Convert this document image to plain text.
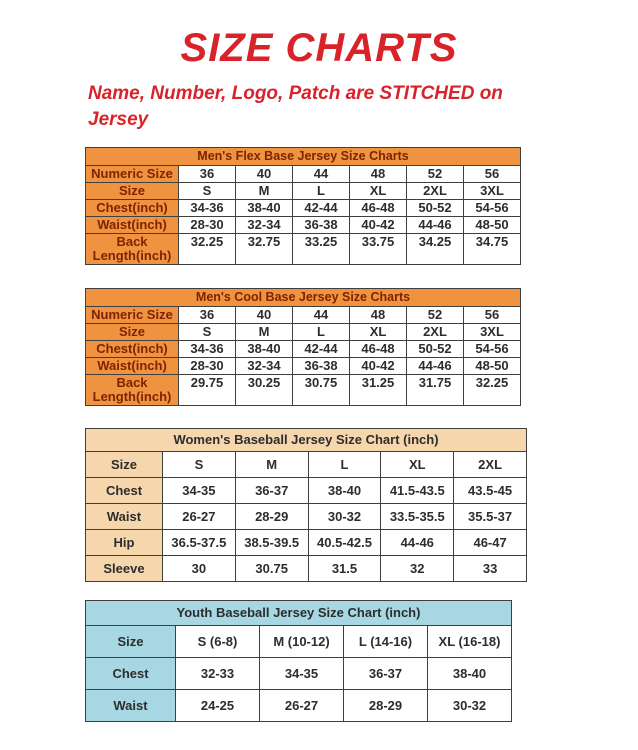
SIZE CHARTS

Name, Number, Logo, Patch are STITCHED on Jersey

Men's Flex Base Jersey Size Charts
Numeric Size	36	40	44	48	52	56
Size	S	M	L	XL	2XL	3XL
Chest(inch)	34-36	38-40	42-44	46-48	50-52	54-56
Waist(inch)	28-30	32-34	36-38	40-42	44-46	48-50
Back Length(inch)	32.25	32.75	33.25	33.75	34.25	34.75
Men's Cool Base Jersey Size Charts
Numeric Size	36	40	44	48	52	56
Size	S	M	L	XL	2XL	3XL
Chest(inch)	34-36	38-40	42-44	46-48	50-52	54-56
Waist(inch)	28-30	32-34	36-38	40-42	44-46	48-50
Back Length(inch)	29.75	30.25	30.75	31.25	31.75	32.25
Women's Baseball Jersey Size Chart (inch)
Size	S	M	L	XL	2XL
Chest	34-35	36-37	38-40	41.5-43.5	43.5-45
Waist	26-27	28-29	30-32	33.5-35.5	35.5-37
Hip	36.5-37.5	38.5-39.5	40.5-42.5	44-46	46-47
Sleeve	30	30.75	31.5	32	33
Youth Baseball Jersey Size Chart (inch)
Size	S (6-8)	M (10-12)	L (14-16)	XL (16-18)
Chest	32-33	34-35	36-37	38-40
Waist	24-25	26-27	28-29	30-32
